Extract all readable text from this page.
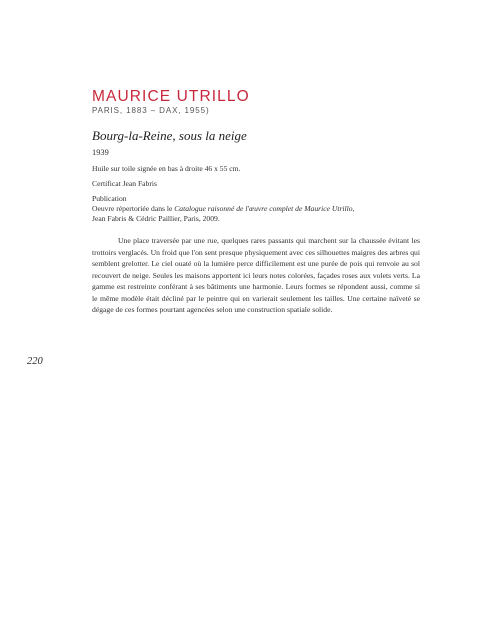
MAURICE UTRILLO
PARIS, 1883 – DAX, 1955)
Bourg-la-Reine, sous la neige
1939
Huile sur toile signée en bas à droite 46 x 55 cm.
Certificat Jean Fabris
Publication
Oeuvre répertoriée dans le Catalogue raisonné de l'œuvre complet de Maurice Utrillo,
Jean Fabris & Cédric Paillier, Paris, 2009.

Une place traversée par une rue, quelques rares passants qui marchent sur la chaussée évitant les trottoirs verglacés. Un froid que l'on sent presque physiquement avec ces silhouettes maigres des arbres qui semblent grelotter. Le ciel ouaté où la lumière perce difficilement est une purée de pois qui renvoie au sol recouvert de neige. Seules les maisons apportent ici leurs notes colorées, façades roses aux volets verts. La gamme est restreinte conférant à ses bâtiments une harmonie. Leurs formes se répondent aussi, comme si le même modèle était décliné par le peintre qui en varierait seulement les tailles. Une certaine naïveté se dégage de ces formes pourtant agencées selon une construction spatiale solide.

220
